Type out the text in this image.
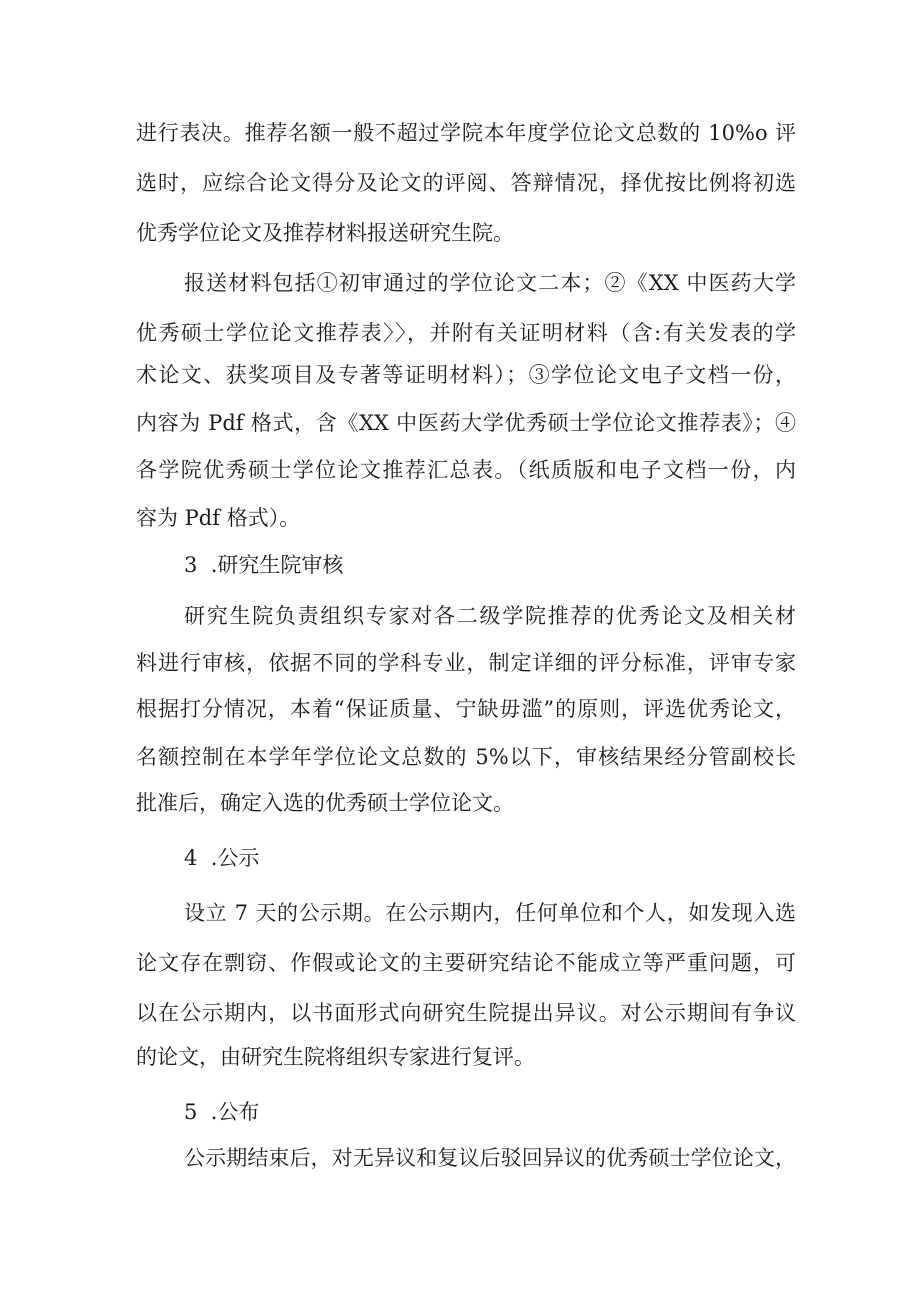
进行表决。推荐名额一般不超过学院本年度学位论文总数的 10%o 评
选时，应综合论文得分及论文的评阅、答辩情况，择优按比例将初选
优秀学位论文及推荐材料报送研究生院。
报送材料包括①初审通过的学位论文二本；②《XX 中医药大学
优秀硕士学位论文推荐表〉〉，并附有关证明材料（含:有关发表的学
术论文、获奖项目及专著等证明材料）；③学位论文电子文档一份，
内容为 Pdf 格式，含《XX 中医药大学优秀硕士学位论文推荐表》；④
各学院优秀硕士学位论文推荐汇总表。（纸质版和电子文档一份，内
容为 Pdf 格式）。
3  .研究生院审核
研究生院负责组织专家对各二级学院推荐的优秀论文及相关材
料进行审核，依据不同的学科专业，制定详细的评分标准，评审专家
根据打分情况，本着“保证质量、宁缺毋滥”的原则，评选优秀论文，
名额控制在本学年学位论文总数的 5%以下，审核结果经分管副校长
批准后，确定入选的优秀硕士学位论文。
4  .公示
设立 7 天的公示期。在公示期内，任何单位和个人，如发现入选
论文存在剽窃、作假或论文的主要研究结论不能成立等严重问题，可
以在公示期内，以书面形式向研究生院提出异议。对公示期间有争议
的论文，由研究生院将组织专家进行复评。
5  .公布
公示期结束后，对无异议和复议后驳回异议的优秀硕士学位论文，
